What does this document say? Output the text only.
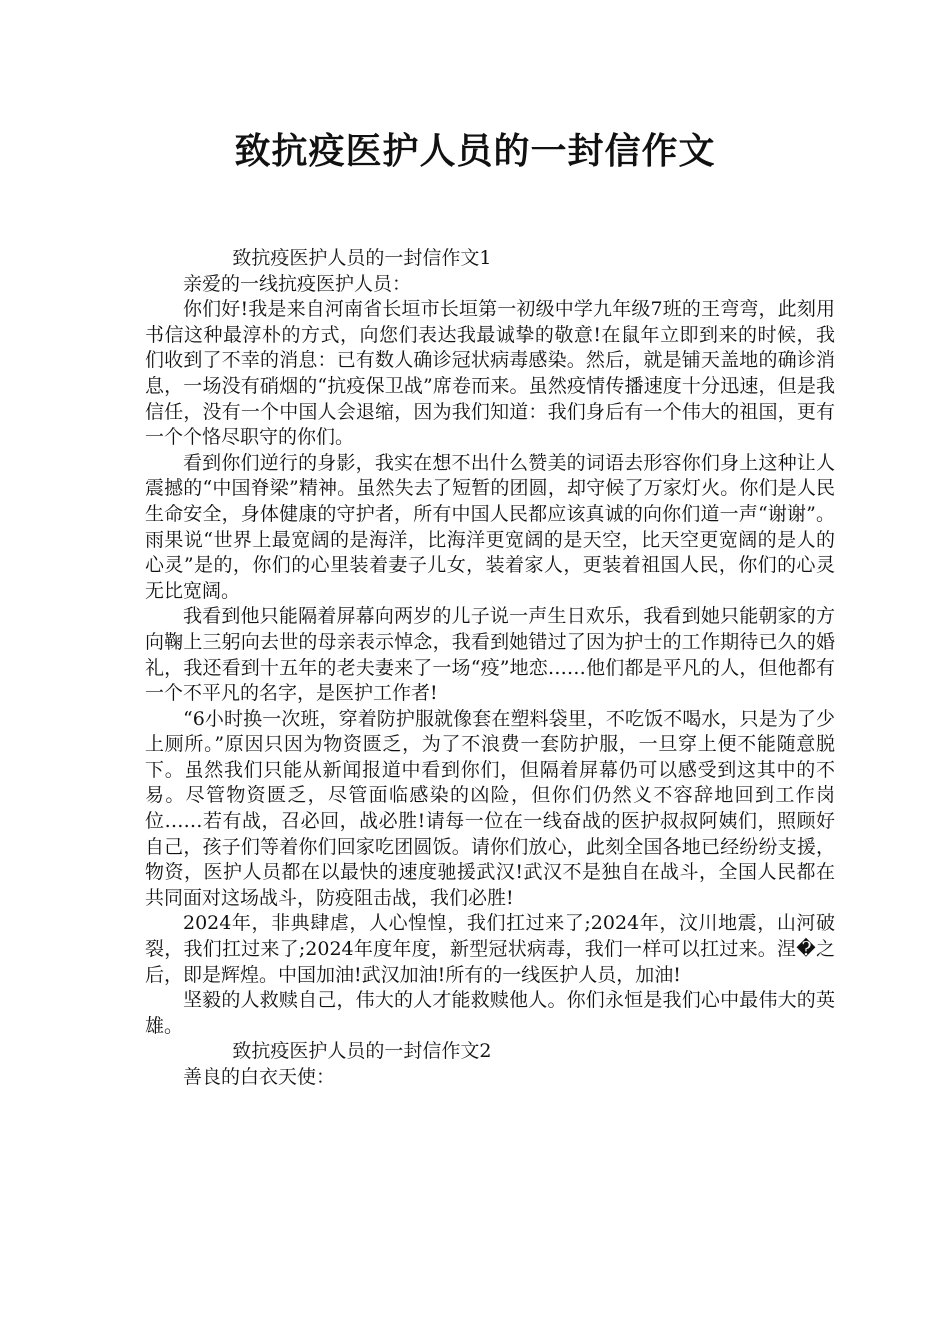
致抗疫医护人员的一封信作文

致抗疫医护人员的一封信作文1

亲爱的一线抗疫医护人员：

你们好!我是来自河南省长垣市长垣第一初级中学九年级7班的王弯弯，此刻用书信这种最淳朴的方式，向您们表达我最诚挚的敬意!在鼠年立即到来的时候，我们收到了不幸的消息：已有数人确诊冠状病毒感染。然后，就是铺天盖地的确诊消息，一场没有硝烟的“抗疫保卫战”席卷而来。虽然疫情传播速度十分迅速，但是我信任，没有一个中国人会退缩，因为我们知道：我们身后有一个伟大的祖国，更有一个个恪尽职守的你们。

看到你们逆行的身影，我实在想不出什么赞美的词语去形容你们身上这种让人震撼的“中国脊梁”精神。虽然失去了短暂的团圆，却守候了万家灯火。你们是人民生命安全，身体健康的守护者，所有中国人民都应该真诚的向你们道一声“谢谢”。雨果说“世界上最宽阔的是海洋，比海洋更宽阔的是天空，比天空更宽阔的是人的心灵”是的，你们的心里装着妻子儿女，装着家人，更装着祖国人民，你们的心灵无比宽阔。

我看到他只能隔着屏幕向两岁的儿子说一声生日欢乐，我看到她只能朝家的方向鞠上三躬向去世的母亲表示悼念，我看到她错过了因为护士的工作期待已久的婚礼，我还看到十五年的老夫妻来了一场“疫”地恋……他们都是平凡的人，但他都有一个不平凡的名字，是医护工作者!

“6小时换一次班，穿着防护服就像套在塑料袋里，不吃饭不喝水，只是为了少上厕所。”原因只因为物资匮乏，为了不浪费一套防护服，一旦穿上便不能随意脱下。虽然我们只能从新闻报道中看到你们，但隔着屏幕仍可以感受到这其中的不易。尽管物资匮乏，尽管面临感染的凶险，但你们仍然义不容辞地回到工作岗位……若有战，召必回，战必胜!请每一位在一线奋战的医护叔叔阿姨们，照顾好自己，孩子们等着你们回家吃团圆饭。请你们放心，此刻全国各地已经纷纷支援，物资，医护人员都在以最快的速度驰援武汉!武汉不是独自在战斗，全国人民都在共同面对这场战斗，防疫阻击战，我们必胜!

2024年，非典肆虐，人心惶惶，我们扛过来了;2024年，汶川地震，山河破裂，我们扛过来了;2024年度年度，新型冠状病毒，我们一样可以扛过来。涅�之后，即是辉煌。中国加油!武汉加油!所有的一线医护人员，加油!

坚毅的人救赎自己，伟大的人才能救赎他人。你们永恒是我们心中最伟大的英雄。

致抗疫医护人员的一封信作文2

善良的白衣天使：
